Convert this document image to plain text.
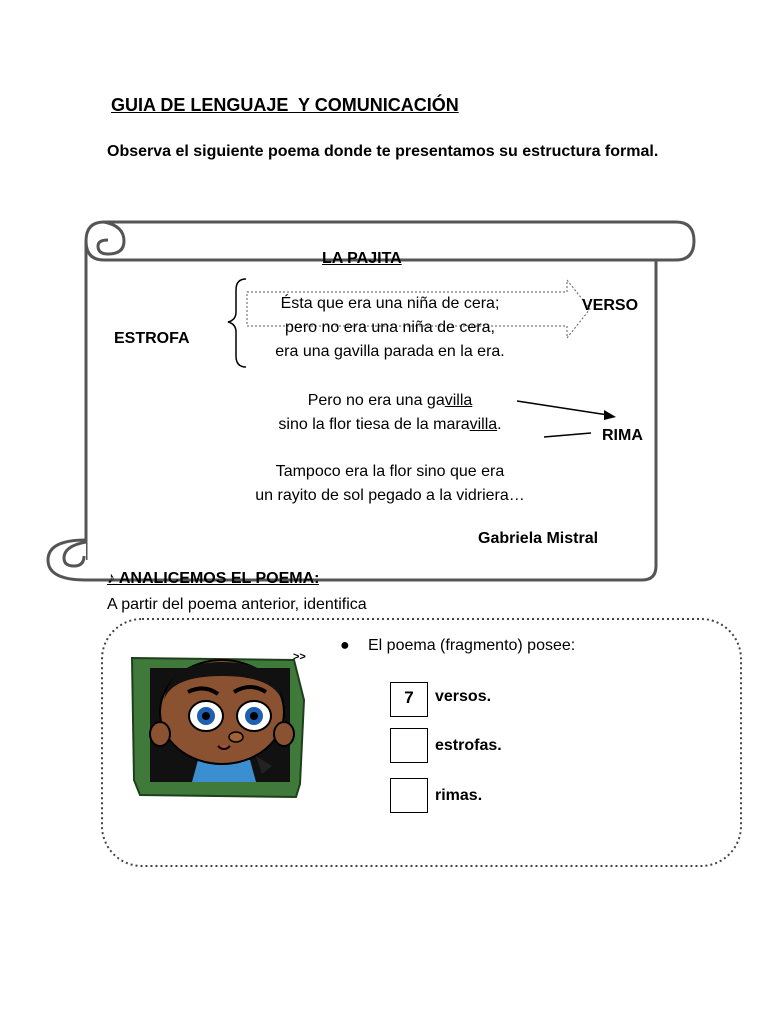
GUIA DE LENGUAJE  Y COMUNICACIÓN
Observa el siguiente poema donde te presentamos su estructura formal.
>>
LA PAJITA
Ésta que era una niña de cera;
pero no era una niña de cera,
era una gavilla parada en la era.
Pero no era una gavilla
sino la flor tiesa de la maravilla.
Tampoco era la flor sino que era
un rayito de sol pegado a la vidriera…
Gabriela Mistral
ESTROFA
VERSO
RIMA
♪ ANALICEMOS EL POEMA:
A partir del poema anterior, identifica
● El poema (fragmento) posee:
7	versos.
estrofas.
rimas.
